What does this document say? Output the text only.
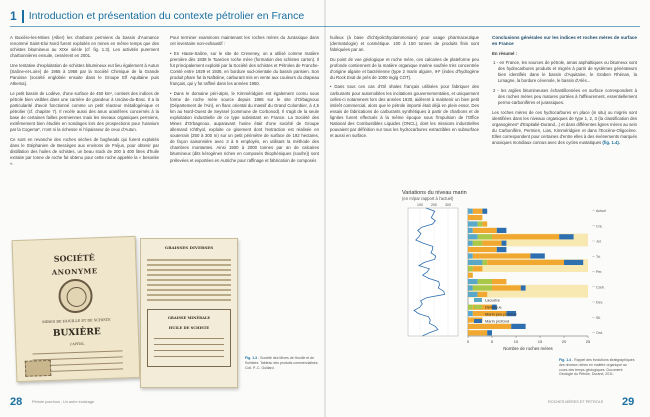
1 Introduction et présentation du contexte pétrolier en France

A Buxière-les-Mines (Allier) les charbons permiens du bassin d'Aumance renommé Saint-Eloi Nord furent exploités en mines en même temps que des schistes bitumineux au XIXe siècle (cf. fig. 1.3). Les activités purement charbonnières ensuite, cessèrent en 2001.

Une tentative d'exploitation de schistes bitumineux eut lieu également à Autun (Saône-et-Loire) de 1955 à 1958 par la Société Chimique de la Grande Paroisse (société englobée ensuite dans le Groupe Elf Aquitaine puis Atkema).

Le petit bassin de Lodève, d'une surface de 450 km², contient des indices de pétrole bien visibles dans une carrière de grandeur à Usclas-du-Bosc. Il a la particularité d'avoir fonctionné comme un petit réacteur métallogénique et pétrolier (cf. chapitre 7). Il recèle aussi des anus uranifères concernés à la base de certaines failles permiennes mais les niveaux organiques permiens, extrêmement bien étudiés en sondages lors des prospections pour l'uranium par la Cogema*, n'ont ni la richesse ni l'épaisseur de ceux d'Autun.

Ce sont en revanche des roches sèches de bogheads qui furent exploités dans le Stéphanien de Bessèges aux environs de Fréjus, pour obtenir par distillation des huiles de schistes, un beau stock de 200 à 400 litres d'huile extraite par tonne de roche fut obtenu pour cette roche appelée la « besonite ».

Pour terminer examinons maintenant les roches mères du Jurassique dans cet inventaire non-exhaustif :

• En Haute-Saône, sur le site de Creveney, on a utilisé comme matière première dès 1838 le Toarcien roche mère (formation des schistes carton). Il fut principalement exploité par la Société des schistes et Pétroles de Franche-Comté entre 1929 et 1936, en bordure sud-orientale du bassin parisien. Son produit phare fut la Naftoline, carburant mis en vente aux couleurs du drapeau français, qui y fut raffiné dans les années 1950.

• Dans le domaine péri-alpin, le Kimméridgien est également connu sous forme de roche mère source depuis 1865 sur le site d'Orbagnoux (Département de l'Ain), en flanc oriental du massif du Grand Colombier, à 4,5 km au Nord-Ouest de Seyssel (commune de Corbonod). Il s'agit de la seule exploitation industrielle de ce type subsistant en France. La Société des Mines d'Orbagnoux, auparavant l'usine était d'une société de Groupe allemand Ichthyol, exploite ce gisement dont l'extraction est réalisée en souterrain (250 à 300 m) sur un petit périmètre de surface de 192 hectares, de façon saisonnière avec 3 à 5 employés, en utilisant la méthode des chambres montantes. Ainsi 1500 à 2000 tonnes par an de calcaires bitumineux (dits kérogènes riches en composés thiophéniques (soufre)) sont prélevées et exportées en Autriche pour raffinage et fabrication de composés

huileux (à base d'ichtyolicthyolammoniure) pour usage pharmaceutique (dermatologie) et cosmétique. 100 à 150 tonnes de produits finis sont fabriquées par an.

Du point de vue géologique et roche mère, ces calcaires de plateforme peu profonde contiennent de la matière organique marine soufrée très concentrée d'origine algaire et bactérienne (type 2 marin alguire, IH* (index d'hydrogène du Rock Eval de près de 1000 mg/g COT).

• Dans tous ces cas d'Oil shales français utilisées pour fabriquer des carburants pour automobiles les incitations gouvernementales, et uniquement celles-ci notamment lors des années 1930, aidèrent à maintenir un bien petit intérêt commercial, alors que le pétrole importé était déjà en plein essor. Des essais de fabrications de carburants synthétiques à partir de charbons et de lignites furent effectués à la même époque sous l'impulsion de l'Office National des Combustibles Liquides (ONCL), dont les missions industrielles pouvaient par définition sur tous les hydrocarbures extractibles en subsurface et aussi en surface.

Conclusions générales sur les indices et roches mères de surface en France

En résumé :

1 - en France, les sources de pétrole, amas asphaltiques ou bitumeux sont des hydrocarbures produits et migrés à partir de systèmes générateurs bien identifiés dans le bassin d'Aquitaine, le Graben Rhénan, la Limagne, la bordure cévenole, le bassin d'Alès...

2 - les argiles bitumineuses échantillonnées en surface correspondent à des roches mères peu matures portées à l'affleurement, essentiellement permo-carbonifères et jurassiques.

Les roches mères de ces hydrocarbures en place (in situ) ou migrés sont identifiées dans les niveaux organiques de type 1, 2, 3 (la classification des organogènes* d'Espitalié-Durand...) et dans différentes lignes mères au sein du Carbonifère, Permien, Lias, Kimméridgien et dans l'Eocène-Oligocène. Elles correspondent pour certaines d'entre elles à des événements marqués anoxiques mondiaux connus avec des cycles eustatiques (fig. 1.4).

SOCIÉTÉ
ANONYME
MINES DE HOUILLE ET DE SCHISTE
BUXIÈRE
CAPITAL
GRAISSES DIVERSES
GRAISSE MINÉRALE
HUILE DE SCHISTE
Fig. 1.3 - Société des Mines de Houille et de Schistes. Tableau des produits commercialisés. Coll. P.-C. Guillard.
Variations du niveau marin
(en m/par rapport à l'actuel)
100 200 300
0	5	10	15	20	25
Nombre de roches mères
Actuel
Cré.
Jur.
Tri.
Per.
Carb.
Dev.
Sil.
Ord.
Lacustre
Deltaïque
Marin peu profond
Marin profond
Fig. 1.4 - Rappel des évolutions stratigraphiques des niveaux riches en matière organique au cours des temps géologiques. Document Geologie du Pétrole, Durand, 2011.
28	Pétrole pourtous : Un autre éclairage	29
ROCHES MÈRES ET PÉTROLE
